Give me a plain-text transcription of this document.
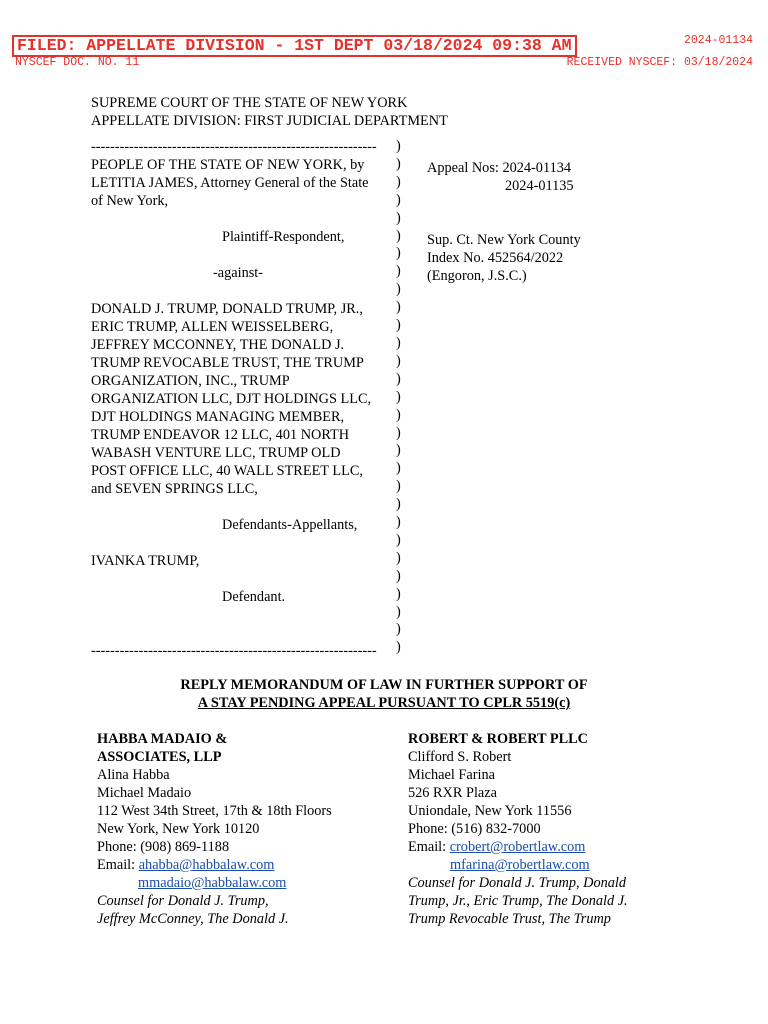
FILED: APPELLATE DIVISION - 1ST DEPT 03/18/2024 09:38 AM	2024-01134
NYSCEF DOC. NO. 11	RECEIVED NYSCEF: 03/18/2024
SUPREME COURT OF THE STATE OF NEW YORK
APPELLATE DIVISION: FIRST JUDICIAL DEPARTMENT
------------------------------------------------------------
PEOPLE OF THE STATE OF NEW YORK, by
LETITIA JAMES, Attorney General of the State
of New York,
Plaintiff-Respondent,
-against-
DONALD J. TRUMP, DONALD TRUMP, JR.,
ERIC TRUMP, ALLEN WEISSELBERG,
JEFFREY MCCONNEY, THE DONALD J.
TRUMP REVOCABLE TRUST, THE TRUMP
ORGANIZATION, INC., TRUMP
ORGANIZATION LLC, DJT HOLDINGS LLC,
DJT HOLDINGS MANAGING MEMBER,
TRUMP ENDEAVOR 12 LLC, 401 NORTH
WABASH VENTURE LLC, TRUMP OLD
POST OFFICE LLC, 40 WALL STREET LLC,
and SEVEN SPRINGS LLC,
Defendants-Appellants,
IVANKA TRUMP,
Defendant.
------------------------------------------------------------
)
)
)
)
)
)
)
)
)
)
)
)
)
)
)
)
)
)
)
)
)
)
)
)
)
)
)
)
)
Appeal Nos: 2024-01134
2024-01135
Sup. Ct. New York County
Index No. 452564/2022
(Engoron, J.S.C.)
REPLY MEMORANDUM OF LAW IN FURTHER SUPPORT OF
A STAY PENDING APPEAL PURSUANT TO CPLR 5519(c)
HABBA MADAIO &
ASSOCIATES, LLP
Alina Habba
Michael Madaio
112 West 34th Street, 17th & 18th Floors
New York, New York 10120
Phone: (908) 869-1188
Email: ahabba@habbalaw.com
mmadaio@habbalaw.com
Counsel for Donald J. Trump,
Jeffrey McConney, The Donald J.
ROBERT & ROBERT PLLC
Clifford S. Robert
Michael Farina
526 RXR Plaza
Uniondale, New York 11556
Phone: (516) 832-7000
Email: crobert@robertlaw.com
mfarina@robertlaw.com
Counsel for Donald J. Trump, Donald
Trump, Jr., Eric Trump, The Donald J.
Trump Revocable Trust, The Trump
